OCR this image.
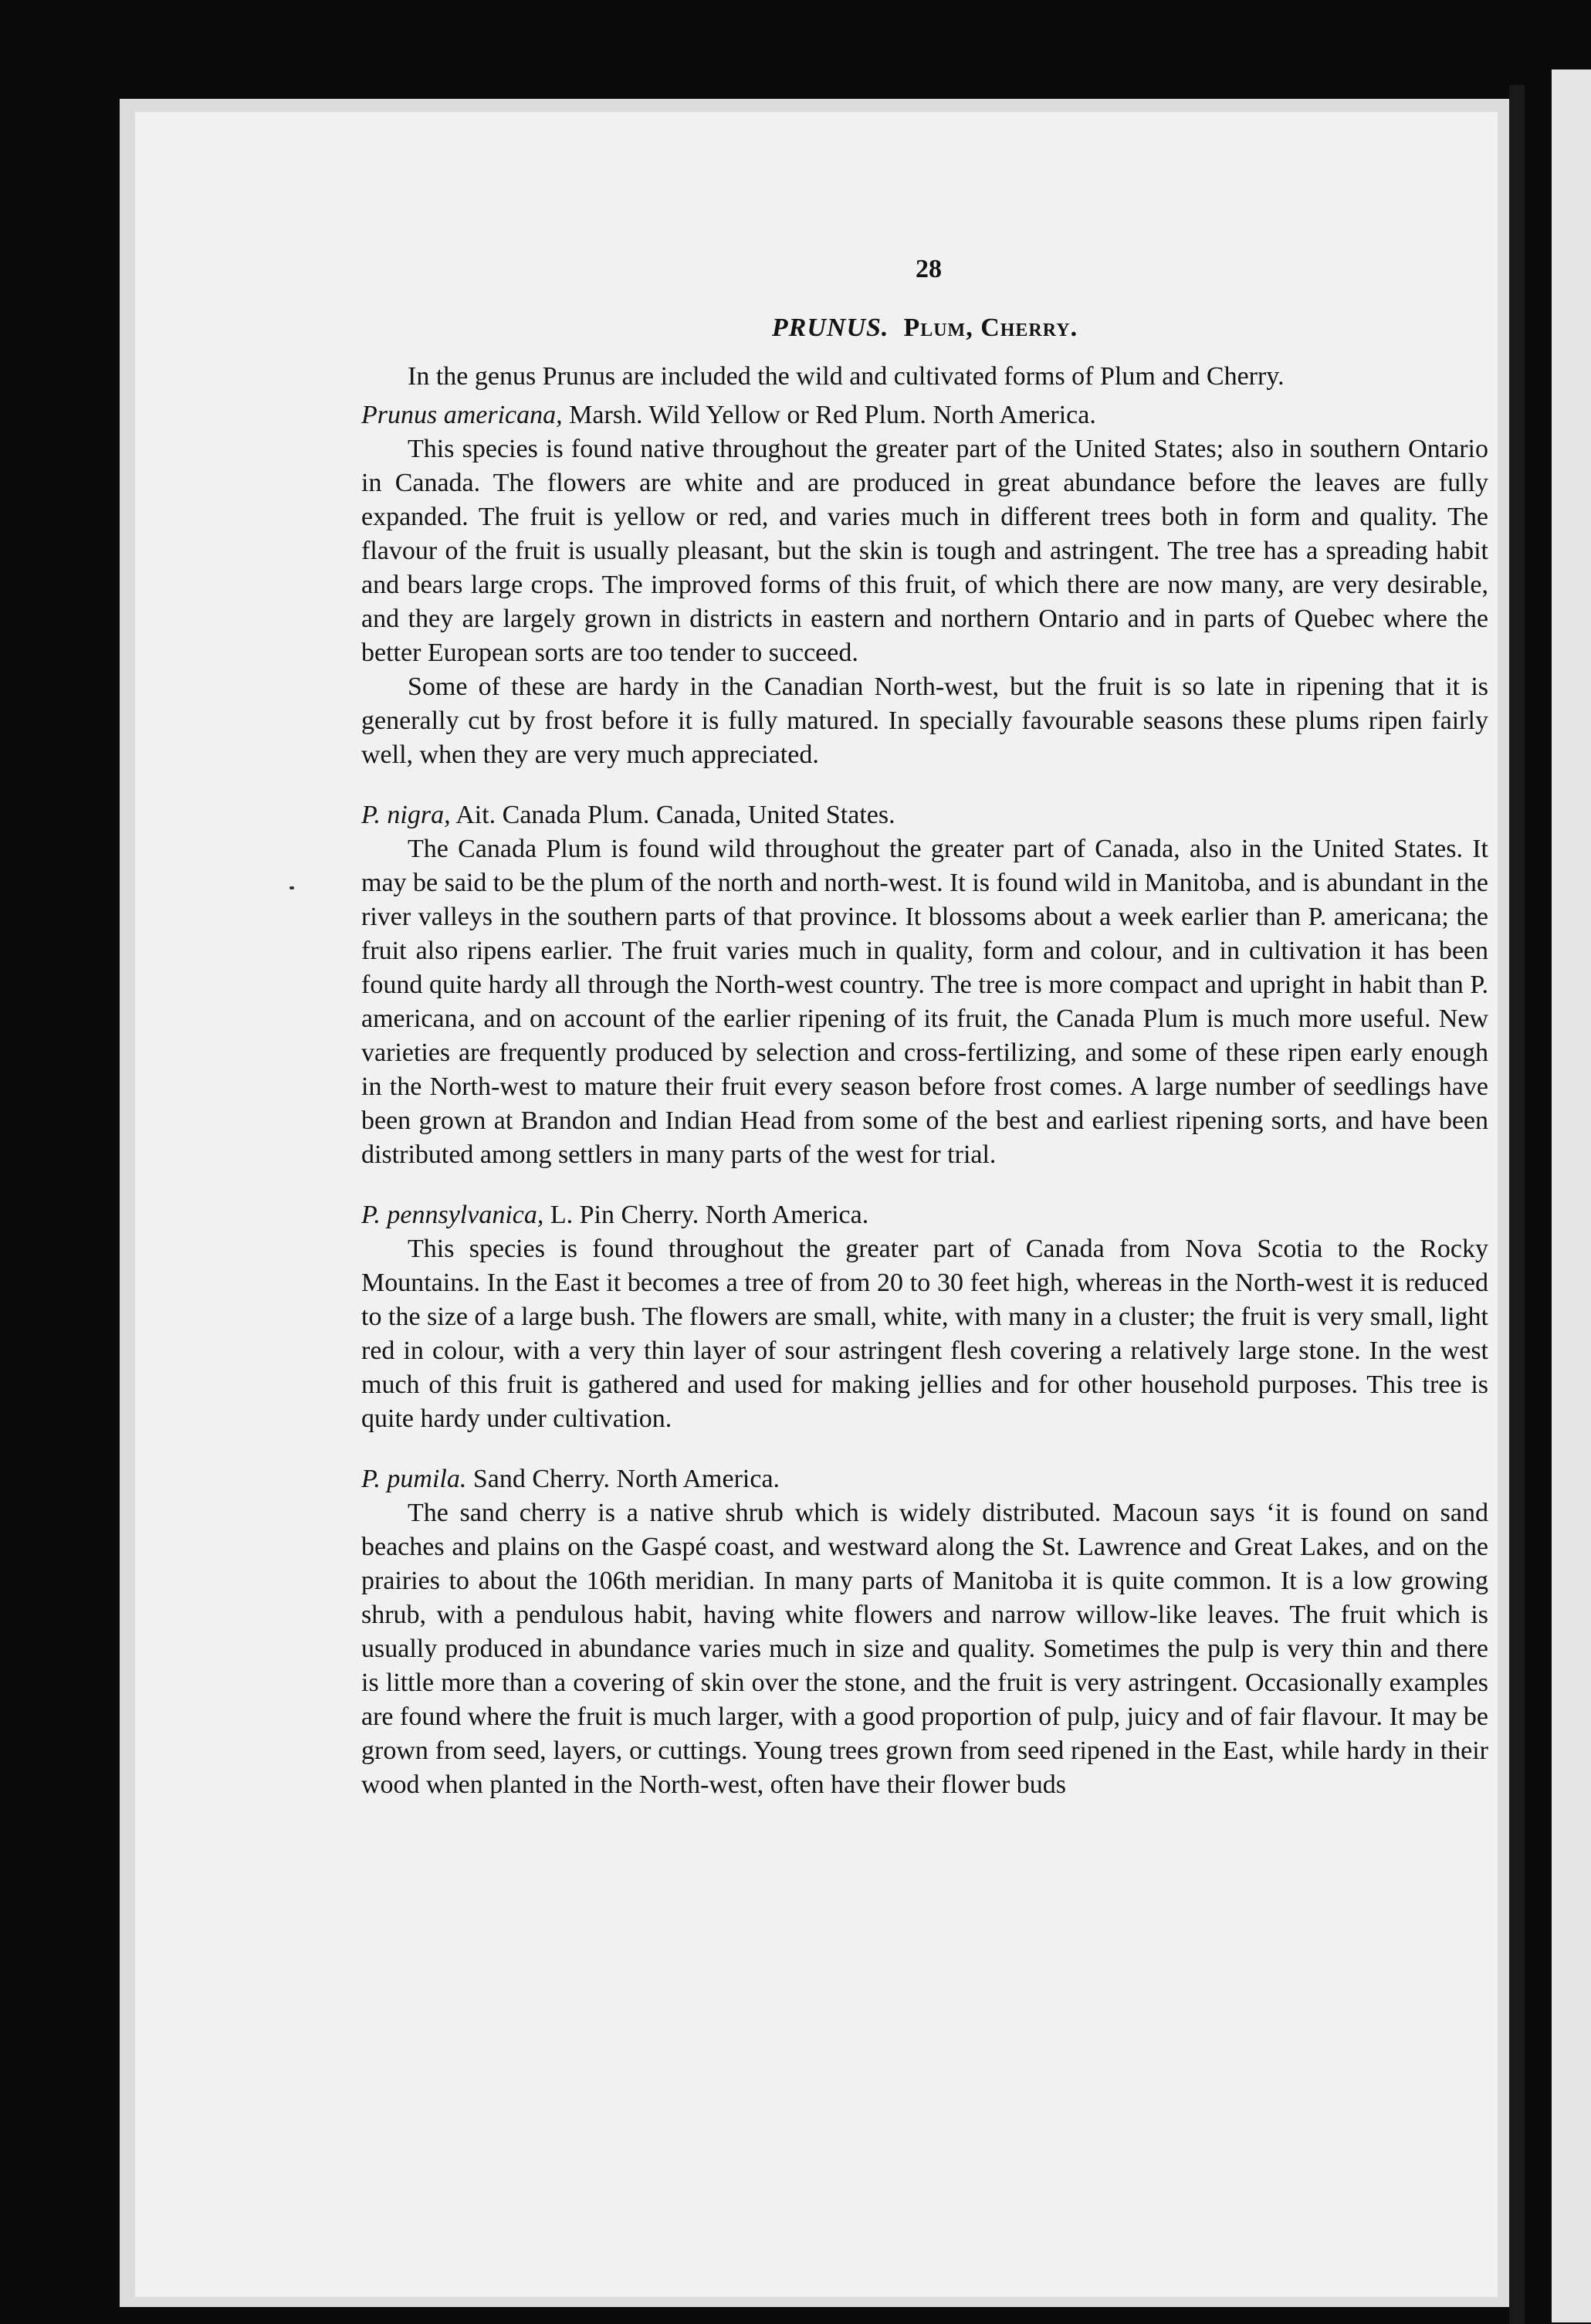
28
PRUNUS. Plum, Cherry.

In the genus Prunus are included the wild and cultivated forms of Plum and Cherry.

Prunus americana, Marsh. Wild Yellow or Red Plum. North America.

This species is found native throughout the greater part of the United States; also in southern Ontario in Canada. The flowers are white and are produced in great abundance before the leaves are fully expanded. The fruit is yellow or red, and varies much in different trees both in form and quality. The flavour of the fruit is usually pleasant, but the skin is tough and astringent. The tree has a spreading habit and bears large crops. The improved forms of this fruit, of which there are now many, are very desirable, and they are largely grown in districts in eastern and northern Ontario and in parts of Quebec where the better European sorts are too tender to succeed.

Some of these are hardy in the Canadian North-west, but the fruit is so late in ripening that it is generally cut by frost before it is fully matured. In specially favourable seasons these plums ripen fairly well, when they are very much appreciated.

P. nigra, Ait. Canada Plum. Canada, United States.

The Canada Plum is found wild throughout the greater part of Canada, also in the United States. It may be said to be the plum of the north and north-west. It is found wild in Manitoba, and is abundant in the river valleys in the southern parts of that province. It blossoms about a week earlier than P. americana; the fruit also ripens earlier. The fruit varies much in quality, form and colour, and in cultivation it has been found quite hardy all through the North-west country. The tree is more compact and upright in habit than P. americana, and on account of the earlier ripening of its fruit, the Canada Plum is much more useful. New varieties are frequently produced by selection and cross-fertilizing, and some of these ripen early enough in the North-west to mature their fruit every season before frost comes. A large number of seedlings have been grown at Brandon and Indian Head from some of the best and earliest ripening sorts, and have been distributed among settlers in many parts of the west for trial.

P. pennsylvanica, L. Pin Cherry. North America.

This species is found throughout the greater part of Canada from Nova Scotia to the Rocky Mountains. In the East it becomes a tree of from 20 to 30 feet high, whereas in the North-west it is reduced to the size of a large bush. The flowers are small, white, with many in a cluster; the fruit is very small, light red in colour, with a very thin layer of sour astringent flesh covering a relatively large stone. In the west much of this fruit is gathered and used for making jellies and for other household purposes. This tree is quite hardy under cultivation.

P. pumila. Sand Cherry. North America.

The sand cherry is a native shrub which is widely distributed. Macoun says ‘it is found on sand beaches and plains on the Gaspé coast, and westward along the St. Lawrence and Great Lakes, and on the prairies to about the 106th meridian. In many parts of Manitoba it is quite common. It is a low growing shrub, with a pendulous habit, having white flowers and narrow willow-like leaves. The fruit which is usually produced in abundance varies much in size and quality. Sometimes the pulp is very thin and there is little more than a covering of skin over the stone, and the fruit is very astringent. Occasionally examples are found where the fruit is much larger, with a good proportion of pulp, juicy and of fair flavour. It may be grown from seed, layers, or cuttings. Young trees grown from seed ripened in the East, while hardy in their wood when planted in the North-west, often have their flower buds
